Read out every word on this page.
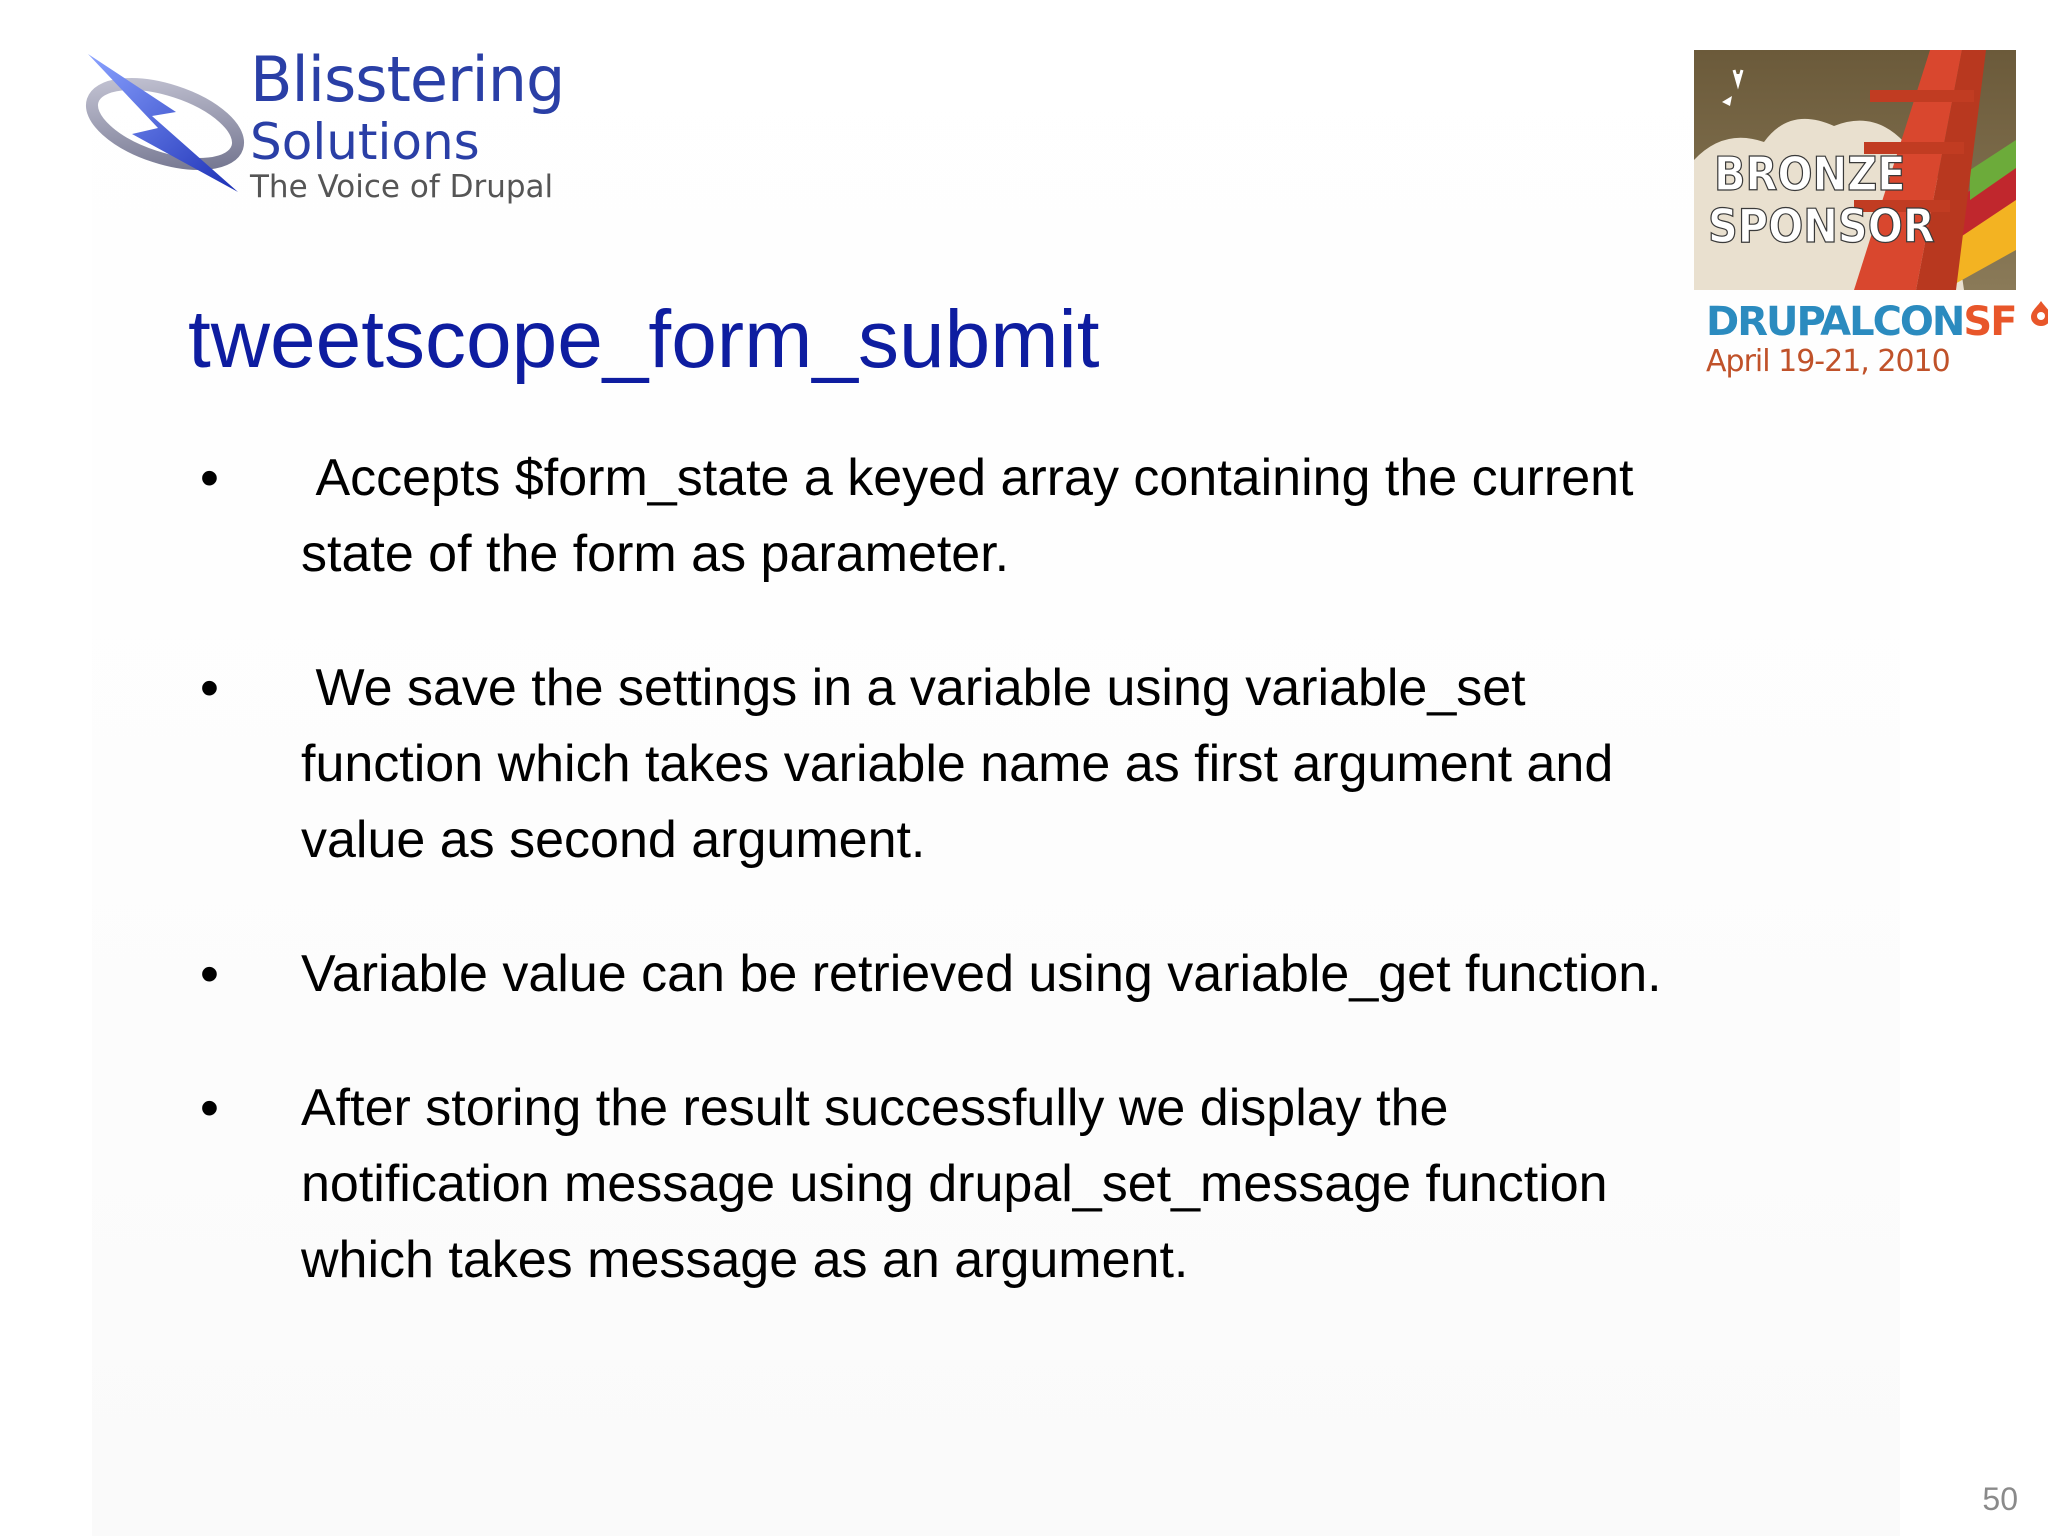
Blisstering
Solutions
The Voice of Drupal	BRONZE
SPONSOR
DRUPALCONSF
April 19-21, 2010
tweetscope_form_submit
• Accepts $form_state a keyed array containing the current
state of the form as parameter.
• We save the settings in a variable using variable_set
function which takes variable name as first argument and
value as second argument.
• Variable value can be retrieved using variable_get function.
• After storing the result successfully we display the
notification message using drupal_set_message function
which takes message as an argument.
50
